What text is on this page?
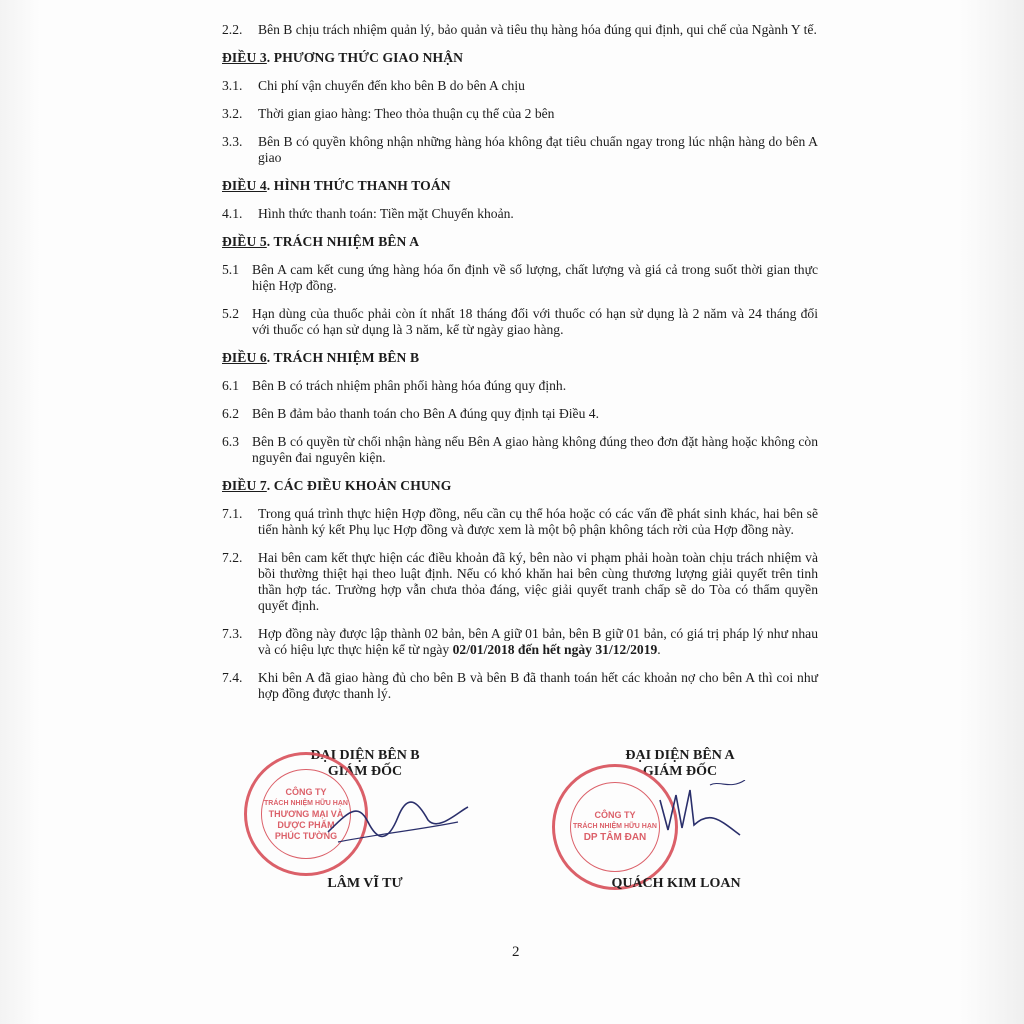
2.2. Bên B chịu trách nhiệm quản lý, bảo quản và tiêu thụ hàng hóa đúng qui định, qui chế của Ngành Y tế.
ĐIỀU 3. PHƯƠNG THỨC GIAO NHẬN
3.1. Chi phí vận chuyển đến kho bên B do bên A chịu
3.2. Thời gian giao hàng: Theo thỏa thuận cụ thể của 2 bên
3.3. Bên B có quyền không nhận những hàng hóa không đạt tiêu chuẩn ngay trong lúc nhận hàng do bên A giao
ĐIỀU 4. HÌNH THỨC THANH TOÁN
4.1. Hình thức thanh toán: Tiền mặt Chuyển khoản.
ĐIỀU 5. TRÁCH NHIỆM BÊN A
5.1 Bên A cam kết cung ứng hàng hóa ổn định về số lượng, chất lượng và giá cả trong suốt thời gian thực hiện Hợp đồng.
5.2 Hạn dùng của thuốc phải còn ít nhất 18 tháng đối với thuốc có hạn sử dụng là 2 năm và 24 tháng đối với thuốc có hạn sử dụng là 3 năm, kể từ ngày giao hàng.
ĐIỀU 6. TRÁCH NHIỆM BÊN B
6.1 Bên B có trách nhiệm phân phối hàng hóa đúng quy định.
6.2 Bên B đảm bảo thanh toán cho Bên A đúng quy định tại Điều 4.
6.3 Bên B có quyền từ chối nhận hàng nếu Bên A giao hàng không đúng theo đơn đặt hàng hoặc không còn nguyên đai nguyên kiện.
ĐIỀU 7. CÁC ĐIỀU KHOẢN CHUNG
7.1. Trong quá trình thực hiện Hợp đồng, nếu cần cụ thể hóa hoặc có các vấn đề phát sinh khác, hai bên sẽ tiến hành ký kết Phụ lục Hợp đồng và được xem là một bộ phận không tách rời của Hợp đồng này.
7.2. Hai bên cam kết thực hiện các điều khoản đã ký, bên nào vi phạm phải hoàn toàn chịu trách nhiệm và bồi thường thiệt hại theo luật định. Nếu có khó khăn hai bên cùng thương lượng giải quyết trên tinh thần hợp tác. Trường hợp vẫn chưa thỏa đáng, việc giải quyết tranh chấp sẽ do Tòa có thẩm quyền quyết định.
7.3. Hợp đồng này được lập thành 02 bản, bên A giữ 01 bản, bên B giữ 01 bản, có giá trị pháp lý như nhau và có hiệu lực thực hiện kể từ ngày 02/01/2018 đến hết ngày 31/12/2019.
7.4. Khi bên A đã giao hàng đủ cho bên B và bên B đã thanh toán hết các khoản nợ cho bên A thì coi như hợp đồng được thanh lý.
ĐẠI DIỆN BÊN B
GIÁM ĐỐC
CÔNG TY
TRÁCH NHIỆM HỮU HẠN
THƯƠNG MẠI VÀ
DƯỢC PHẨM
PHÚC TƯỜNG
LÂM VĨ TƯ
ĐẠI DIỆN BÊN A
GIÁM ĐỐC
CÔNG TY
TRÁCH NHIỆM HỮU HẠN
DP TÂM ĐAN
QUÁCH KIM LOAN
2
